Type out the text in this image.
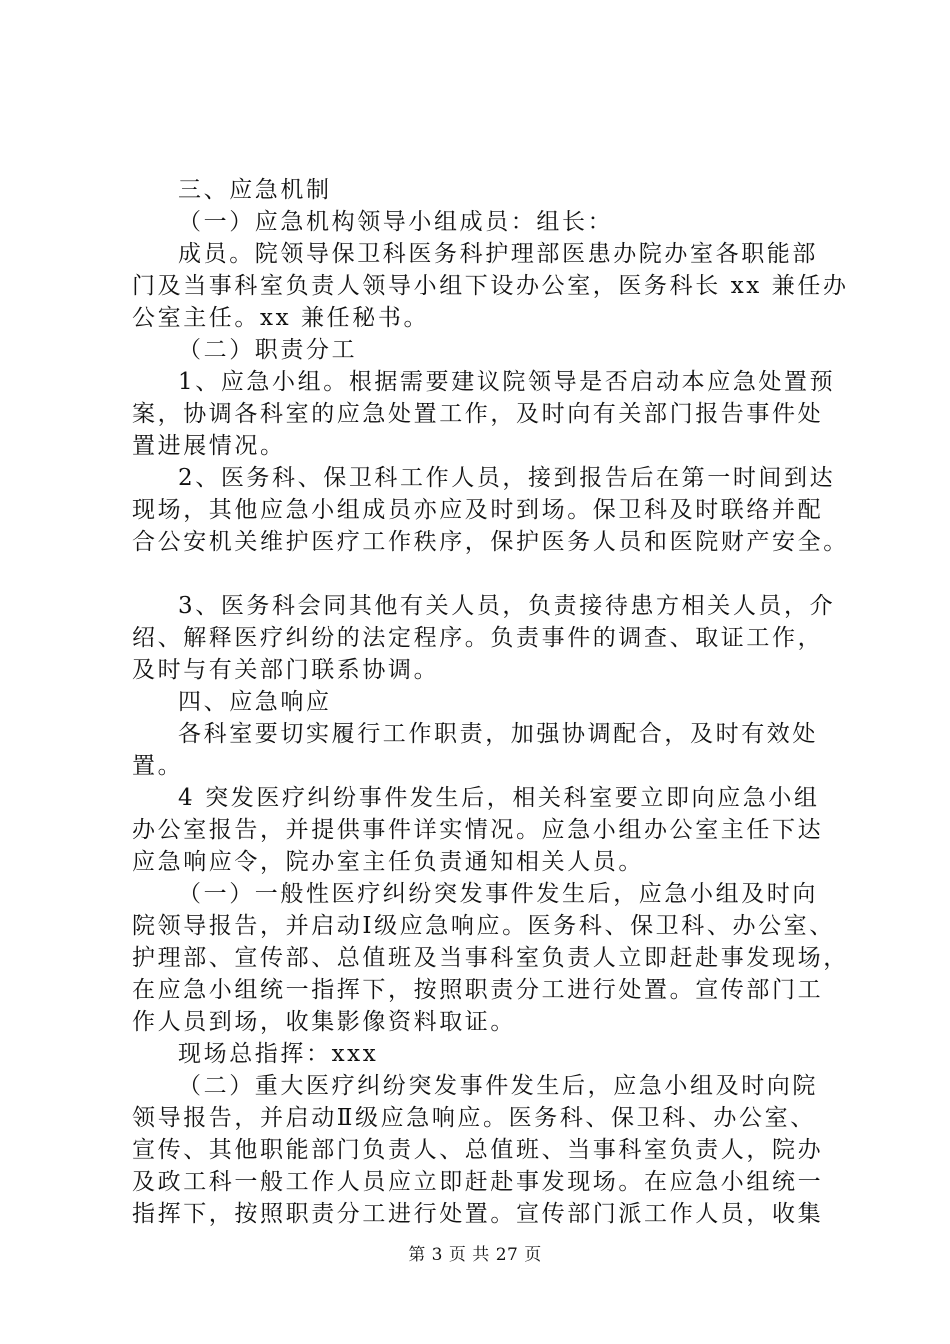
三、应急机制
（一）应急机构领导小组成员：组长：
成员。院领导保卫科医务科护理部医患办院办室各职能部
门及当事科室负责人领导小组下设办公室，医务科长 xx 兼任办
公室主任。xx 兼任秘书。
（二）职责分工
1、应急小组。根据需要建议院领导是否启动本应急处置预
案，协调各科室的应急处置工作，及时向有关部门报告事件处
置进展情况。
2、医务科、保卫科工作人员，接到报告后在第一时间到达
现场，其他应急小组成员亦应及时到场。保卫科及时联络并配
合公安机关维护医疗工作秩序，保护医务人员和医院财产安全。
3、医务科会同其他有关人员，负责接待患方相关人员，介
绍、解释医疗纠纷的法定程序。负责事件的调查、取证工作，
及时与有关部门联系协调。
四、应急响应
各科室要切实履行工作职责，加强协调配合，及时有效处
置。
4 突发医疗纠纷事件发生后，相关科室要立即向应急小组
办公室报告，并提供事件详实情况。应急小组办公室主任下达
应急响应令，院办室主任负责通知相关人员。
（一）一般性医疗纠纷突发事件发生后，应急小组及时向
院领导报告，并启动Ⅰ级应急响应。医务科、保卫科、办公室、
护理部、宣传部、总值班及当事科室负责人立即赶赴事发现场，
在应急小组统一指挥下，按照职责分工进行处置。宣传部门工
作人员到场，收集影像资料取证。
现场总指挥：xxx
（二）重大医疗纠纷突发事件发生后，应急小组及时向院
领导报告，并启动Ⅱ级应急响应。医务科、保卫科、办公室、
宣传、其他职能部门负责人、总值班、当事科室负责人，院办
及政工科一般工作人员应立即赶赴事发现场。在应急小组统一
指挥下，按照职责分工进行处置。宣传部门派工作人员，收集
第 3 页 共 27 页
